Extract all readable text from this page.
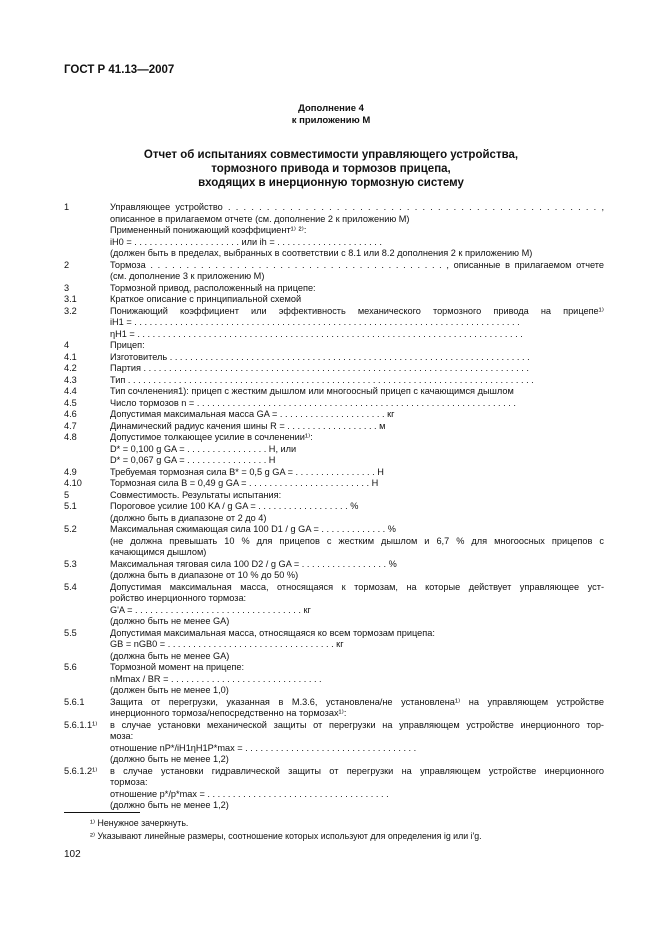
ГОСТ Р 41.13—2007
Дополнение 4
к приложению М
Отчет об испытаниях совместимости управляющего устройства,
тормозного привода и тормозов прицепа,
входящих в инерционную тормозную систему
1	Управляющее устройство . . . . . . . . . . . . . . . . . . . . . . . . . . . . . . . . . . . . . . . . . . . . . . . . ,
описанное в прилагаемом отчете (см. дополнение 2 к приложению М)
Примененный понижающий коэффициент¹⁾ ²⁾:
iH0 = . . . . . . . . . . . . . . . . . . . . . или ih = . . . . . . . . . . . . . . . . . . . . .
(должен быть в пределах, выбранных в соответствии с 8.1 или 8.2 дополнения 2 к приложению М)
2	Тормоза . . . . . . . . . . . . . . . . . . . . . . . . . . . . . . . . . . . . . . . . . , описанные в прилагаемом отчете
(см. дополнение 3 к приложению М)
3	Тормозной привод, расположенный на прицепе:
3.1	Краткое описание с принципиальной схемой
3.2	Понижающий коэффициент или эффективность механического тормозного привода на прицепе¹⁾
iH1 = . . . . . . . . . . . . . . . . . . . . . . . . . . . . . . . . . . . . . . . . . . . . . . . . . . . . . . . . . . . . . . . . . . . . . . . . . . . .
ηH1 = . . . . . . . . . . . . . . . . . . . . . . . . . . . . . . . . . . . . . . . . . . . . . . . . . . . . . . . . . . . . . . . . . . . . . . . . . . . .
4	Прицеп:
4.1	Изготовитель . . . . . . . . . . . . . . . . . . . . . . . . . . . . . . . . . . . . . . . . . . . . . . . . . . . . . . . . . . . . . . . . . . . . . . .
4.2	Партия . . . . . . . . . . . . . . . . . . . . . . . . . . . . . . . . . . . . . . . . . . . . . . . . . . . . . . . . . . . . . . . . . . . . . . . . . . . .
4.3	Тип . . . . . . . . . . . . . . . . . . . . . . . . . . . . . . . . . . . . . . . . . . . . . . . . . . . . . . . . . . . . . . . . . . . . . . . . . . . . . . . .
4.4	Тип сочленения1): прицеп с жестким дышлом или многоосный прицеп с качающимся дышлом
4.5	Число тормозов n = . . . . . . . . . . . . . . . . . . . . . . . . . . . . . . . . . . . . . . . . . . . . . . . . . . . . . . . . . . . . . . .
4.6	Допустимая максимальная масса GA = . . . . . . . . . . . . . . . . . . . . . кг
4.7	Динамический радиус качения шины R = . . . . . . . . . . . . . . . . . . м
4.8	Допустимое толкающее усилие в сочленении¹⁾:
D* = 0,100 g GA = . . . . . . . . . . . . . . . . Н, или
D* = 0,067 g GA = . . . . . . . . . . . . . . . . Н
4.9	Требуемая тормозная сила B* = 0,5 g GA = . . . . . . . . . . . . . . . . Н
4.10	Тормозная сила B = 0,49 g GA = . . . . . . . . . . . . . . . . . . . . . . . . Н
5	Совместимость. Результаты испытания:
5.1	Пороговое усилие 100 KA / g GA = . . . . . . . . . . . . . . . . . . %
(должно быть в диапазоне от 2 до 4)
5.2	Максимальная сжимающая сила 100 D1 / g GA = . . . . . . . . . . . . . %
(не должна превышать 10 % для прицепов с жестким дышлом и 6,7 % для многоосных прицепов с
качающимся дышлом)
5.3	Максимальная тяговая сила 100 D2 / g GA = . . . . . . . . . . . . . . . . . %
(должна быть в диапазоне от 10 % до 50 %)
5.4	Допустимая максимальная масса, относящаяся к тормозам, на которые действует управляющее уст-
ройство инерционного тормоза:
G'A = . . . . . . . . . . . . . . . . . . . . . . . . . . . . . . . . . кг
(должно быть не менее GA)
5.5	Допустимая максимальная масса, относящаяся ко всем тормозам прицепа:
GB = nGB0 = . . . . . . . . . . . . . . . . . . . . . . . . . . . . . . . . . кг
(должна быть не менее GA)
5.6	Тормозной момент на прицепе:
nMmax / BR = . . . . . . . . . . . . . . . . . . . . . . . . . . . . . .
(должен быть не менее 1,0)
5.6.1	Защита от перегрузки, указанная в М.3.6, установлена/не установлена¹⁾ на управляющем устройстве
инерционного тормоза/непосредственно на тормозах¹⁾:
5.6.1.1¹⁾	в случае установки механической защиты от перегрузки на управляющем устройстве инерционного тор-
моза:
отношение nP*/iH1ηH1P*max = . . . . . . . . . . . . . . . . . . . . . . . . . . . . . . . . . .
(должно быть не менее 1,2)
5.6.1.2¹⁾	в случае установки гидравлической защиты от перегрузки на управляющем устройстве инерционного
тормоза:
отношение p*/p*max = . . . . . . . . . . . . . . . . . . . . . . . . . . . . . . . . . . . .
(должно быть не менее 1,2)
¹⁾ Ненужное зачеркнуть.
²⁾ Указывают линейные размеры, соотношение которых используют для определения ig или i'g.
102
